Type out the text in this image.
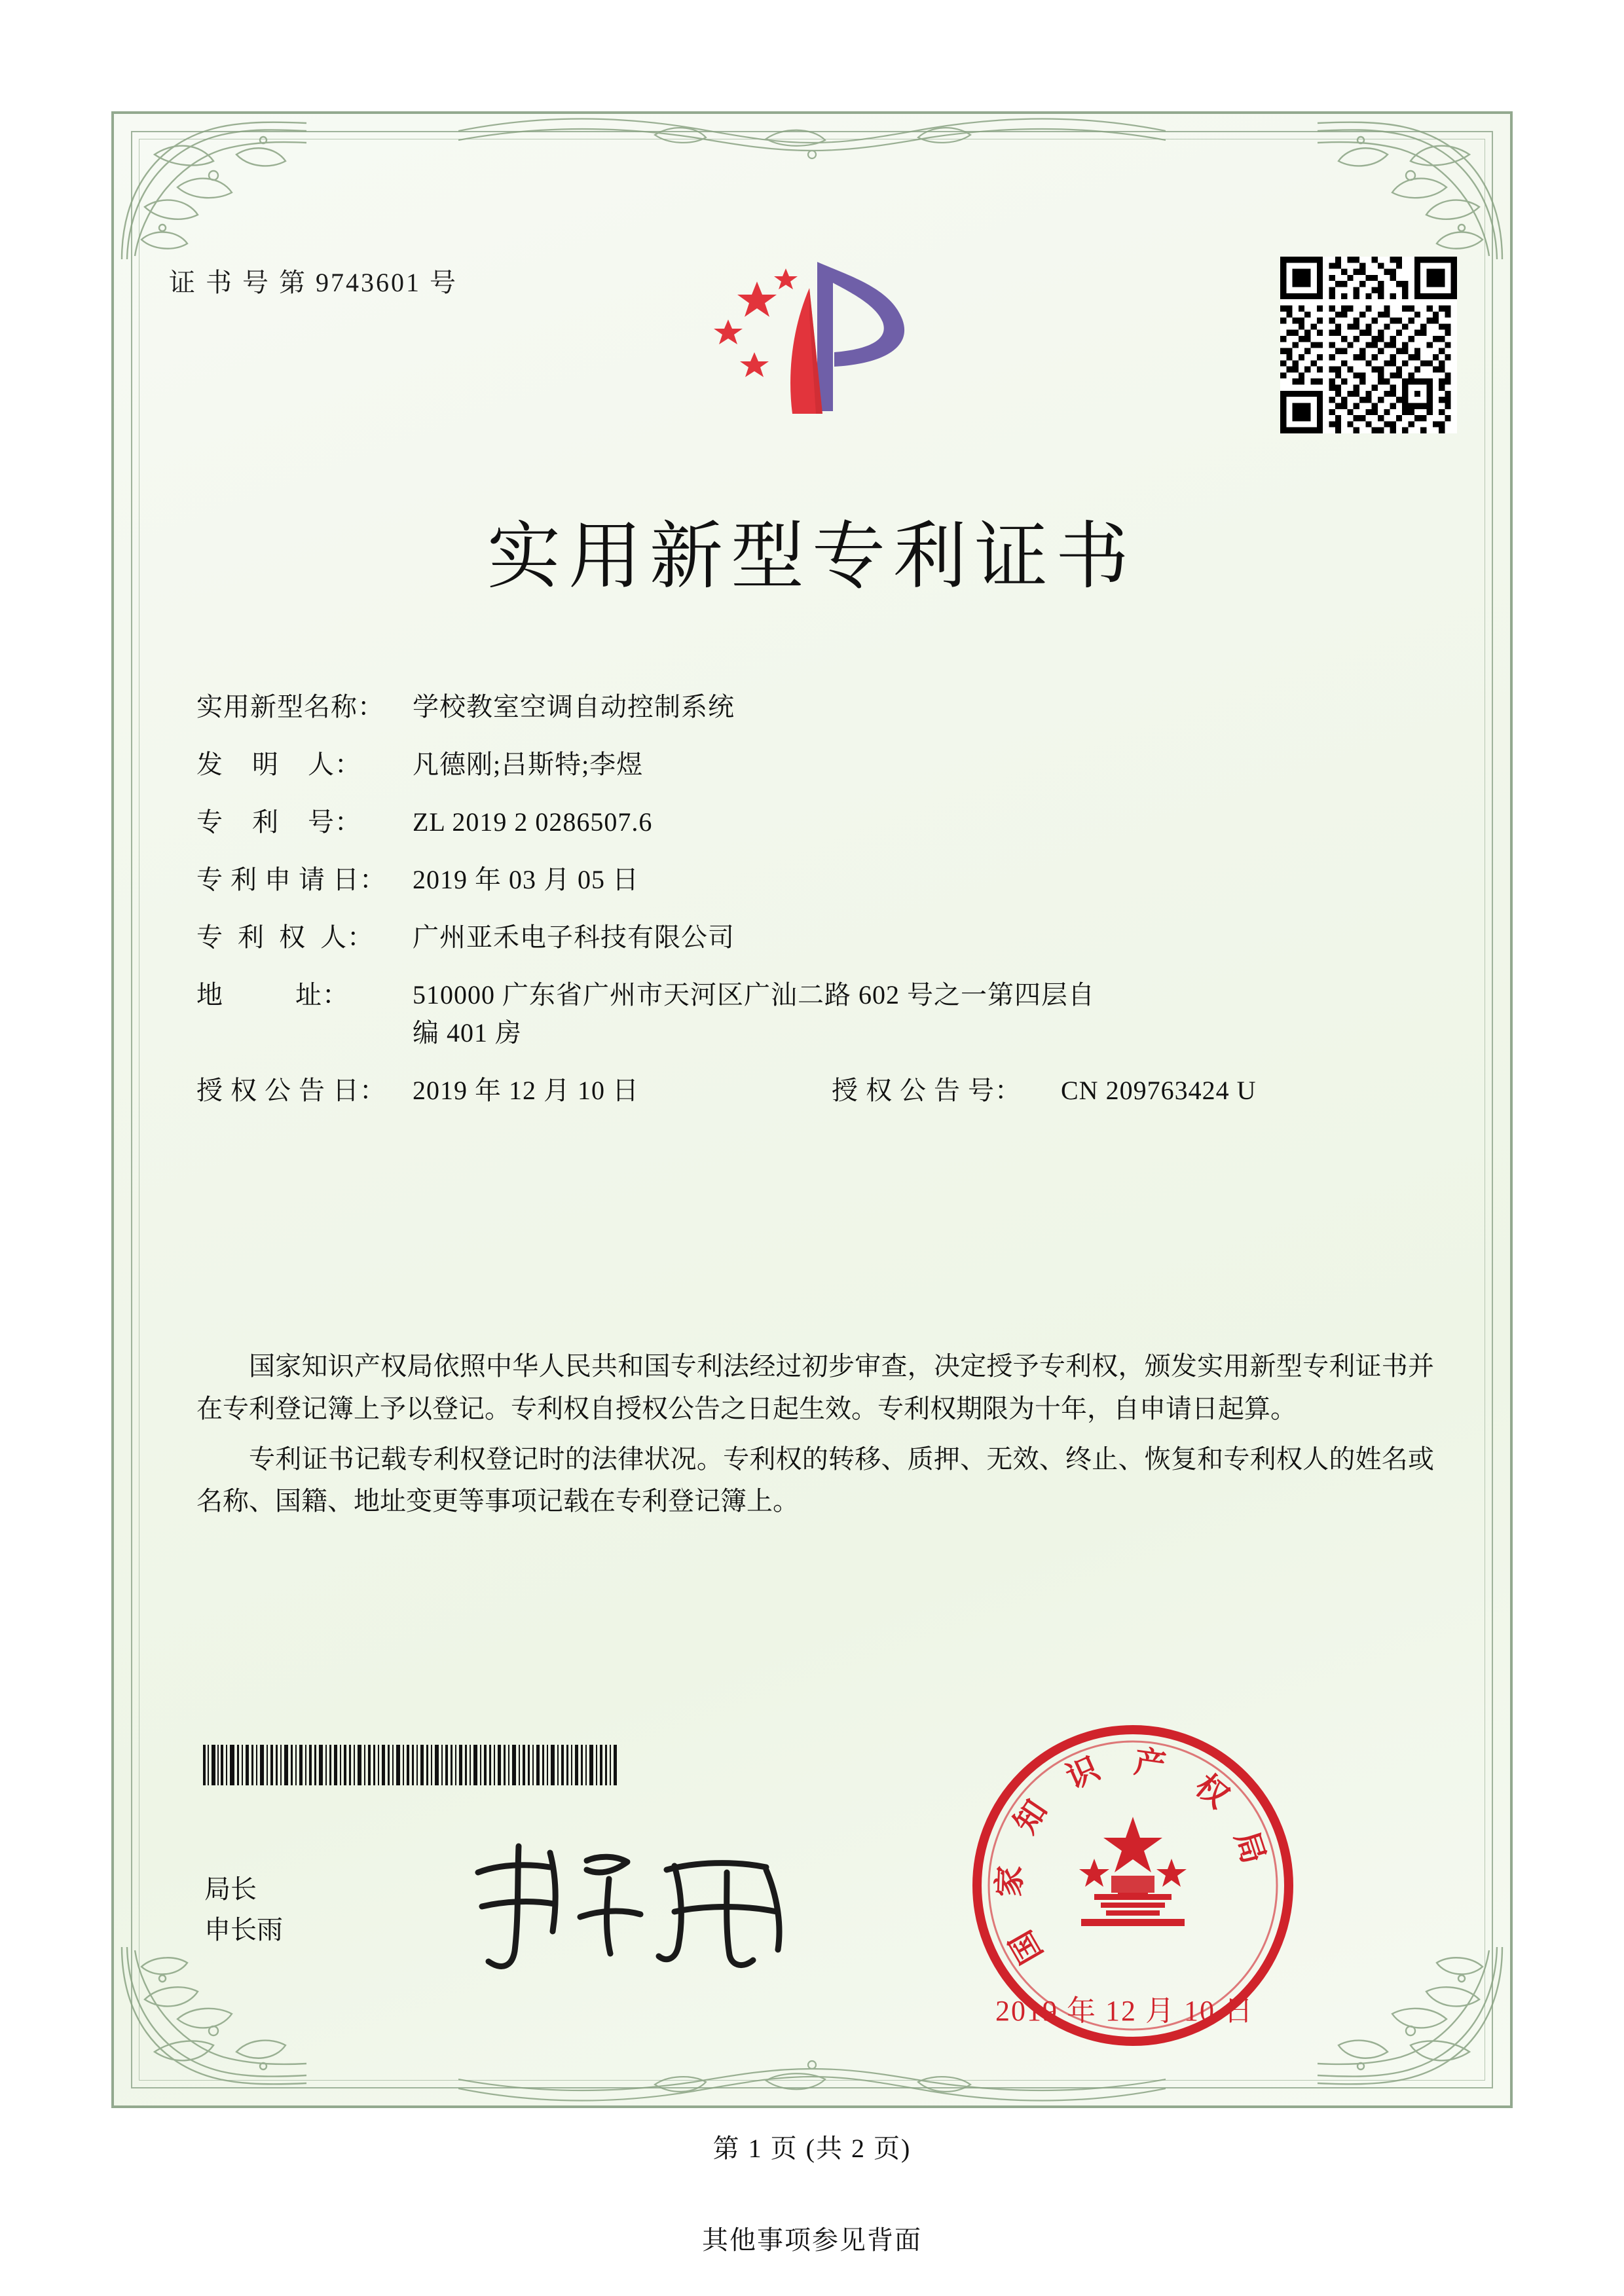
证 书 号 第 9743601 号
实用新型专利证书
实用新型名称：	学校教室空调自动控制系统
发    明    人：	凡德刚;吕斯特;李煜
专    利    号：	ZL 2019 2 0286507.6
专 利 申 请 日：	2019 年 03 月 05 日
专  利  权  人：	广州亚禾电子科技有限公司
地          址：	510000 广东省广州市天河区广汕二路 602 号之一第四层自
编 401 房
授 权 公 告 日：	2019 年 12 月 10 日	授 权 公 告 号：	CN 209763424 U

国家知识产权局依照中华人民共和国专利法经过初步审查，决定授予专利权，颁发实用新型专利证书并在专利登记簿上予以登记。专利权自授权公告之日起生效。专利权期限为十年，自申请日起算。

专利证书记载专利权登记时的法律状况。专利权的转移、质押、无效、终止、恢复和专利权人的姓名或名称、国籍、地址变更等事项记载在专利登记簿上。

局长
申长雨	国
家
知
识 产
权
局
2019 年 12 月 10 日
第 1 页 (共 2 页)
其他事项参见背面
